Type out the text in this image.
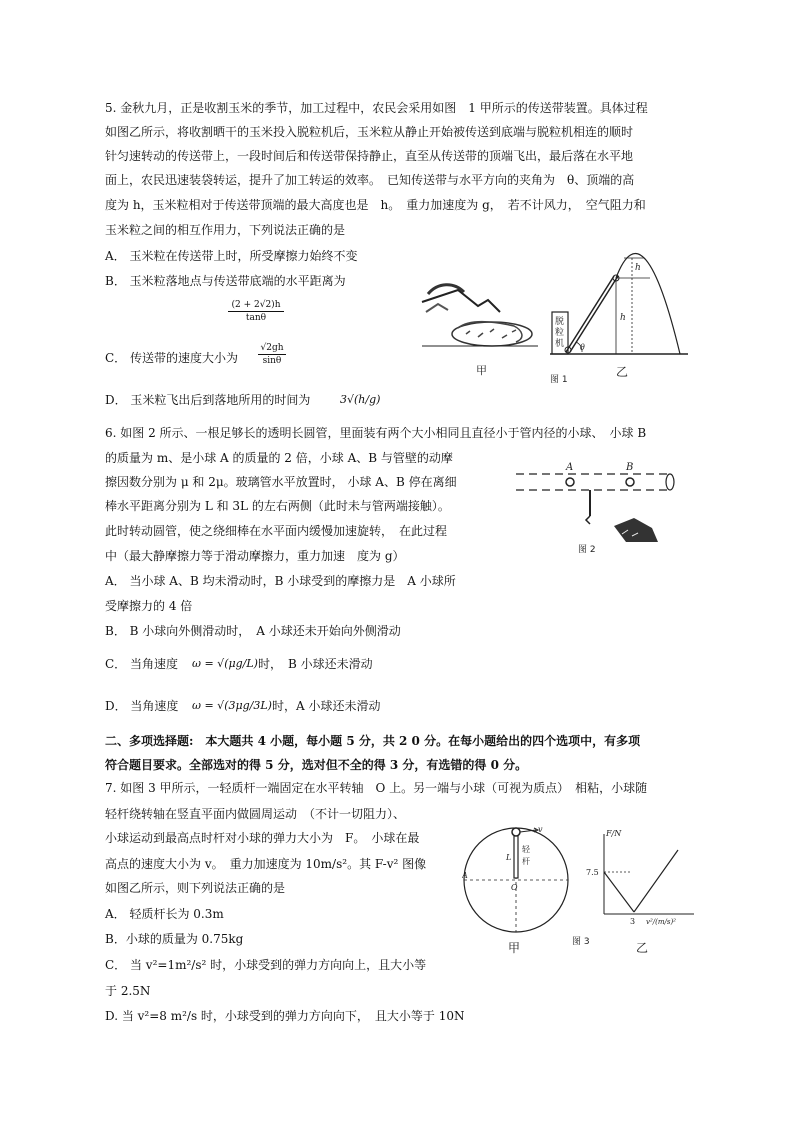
5. 金秋九月，正是收割玉米的季节，加工过程中，农民会采用如图　1 甲所示的传送带装置。具体过程
如图乙所示，将收割晒干的玉米投入脱粒机后，玉米粒从静止开始被传送到底端与脱粒机相连的顺时
针匀速转动的传送带上，一段时间后和传送带保持静止，直至从传送带的顶端飞出，最后落在水平地
面上，农民迅速装袋转运，提升了加工转运的效率。　已知传送带与水平方向的夹角为　θ、顶端的高
度为 h，玉米粒相对于传送带顶端的最大高度也是　h。　重力加速度为 g，　若不计风力，　空气阻力和
玉米粒之间的相互作用力，下列说法正确的是
A． 玉米粒在传送带上时，所受摩擦力始终不变
B． 玉米粒落地点与传送带底端的水平距离为
(2 + 2√2)h
tanθ
C． 传送带的速度大小为
√2gh
sinθ
D． 玉米粒飞出后到落地所用的时间为	3√(h/g)
甲
脱
粒
机
h
h
θ
乙
图 1
6. 如图 2 所示、一根足够长的透明长圆管，里面装有两个大小相同且直径小于管内径的小球、　小球 B
的质量为 m、是小球 A 的质量的 2 倍，小球 A、B 与管壁的动摩
擦因数分别为 μ 和 2μ。玻璃管水平放置时， 小球 A、B 停在离细
棒水平距离分别为 L 和 3L 的左右两侧（此时未与管两端接触）。
此时转动圆管，使之绕细棒在水平面内缓慢加速旋转，　在此过程
中（最大静摩擦力等于滑动摩擦力，重力加速　度为 g）
A． 当小球 A、B 均未滑动时，B 小球受到的摩擦力是　A 小球所
受摩擦力的 4 倍
B． B 小球向外侧滑动时，　A 小球还未开始向外侧滑动
C． 当角速度 ω = √(μg/L) 时，　B 小球还未滑动
D． 当角速度 ω = √(3μg/3L) 时，A 小球还未滑动
A	B
图 2
二、多项选择题:　本大题共 4 小题，每小题 5 分，共 2 0 分。在每小题给出的四个选项中，有多项
符合题目要求。全部选对的得 5 分，选对但不全的得 3 分，有选错的得 0 分。
7. 如图 3 甲所示，一轻质杆一端固定在水平转轴　O 上。另一端与小球（可视为质点）　相粘，小球随
轻杆绕转轴在竖直平面内做圆周运动　（不计一切阻力）、
小球运动到最高点时杆对小球的弹力大小为　F。　小球在最
高点的速度大小为 v。　重力加速度为 10m/s²。其 F-v² 图像
如图乙所示，则下列说法正确的是
A． 轻质杆长为 0.3m
B．小球的质量为 0.75kg
C． 当 v²=1m²/s² 时，小球受到的弹力方向向上，且大小等
于 2.5N
D. 当 v²=8 m²/s 时，小球受到的弹力方向向下，　且大小等于 10N
v
L
轻
杆
O
A
甲
F/N
7.5
3 v²/(m/s)²
乙
图 3
